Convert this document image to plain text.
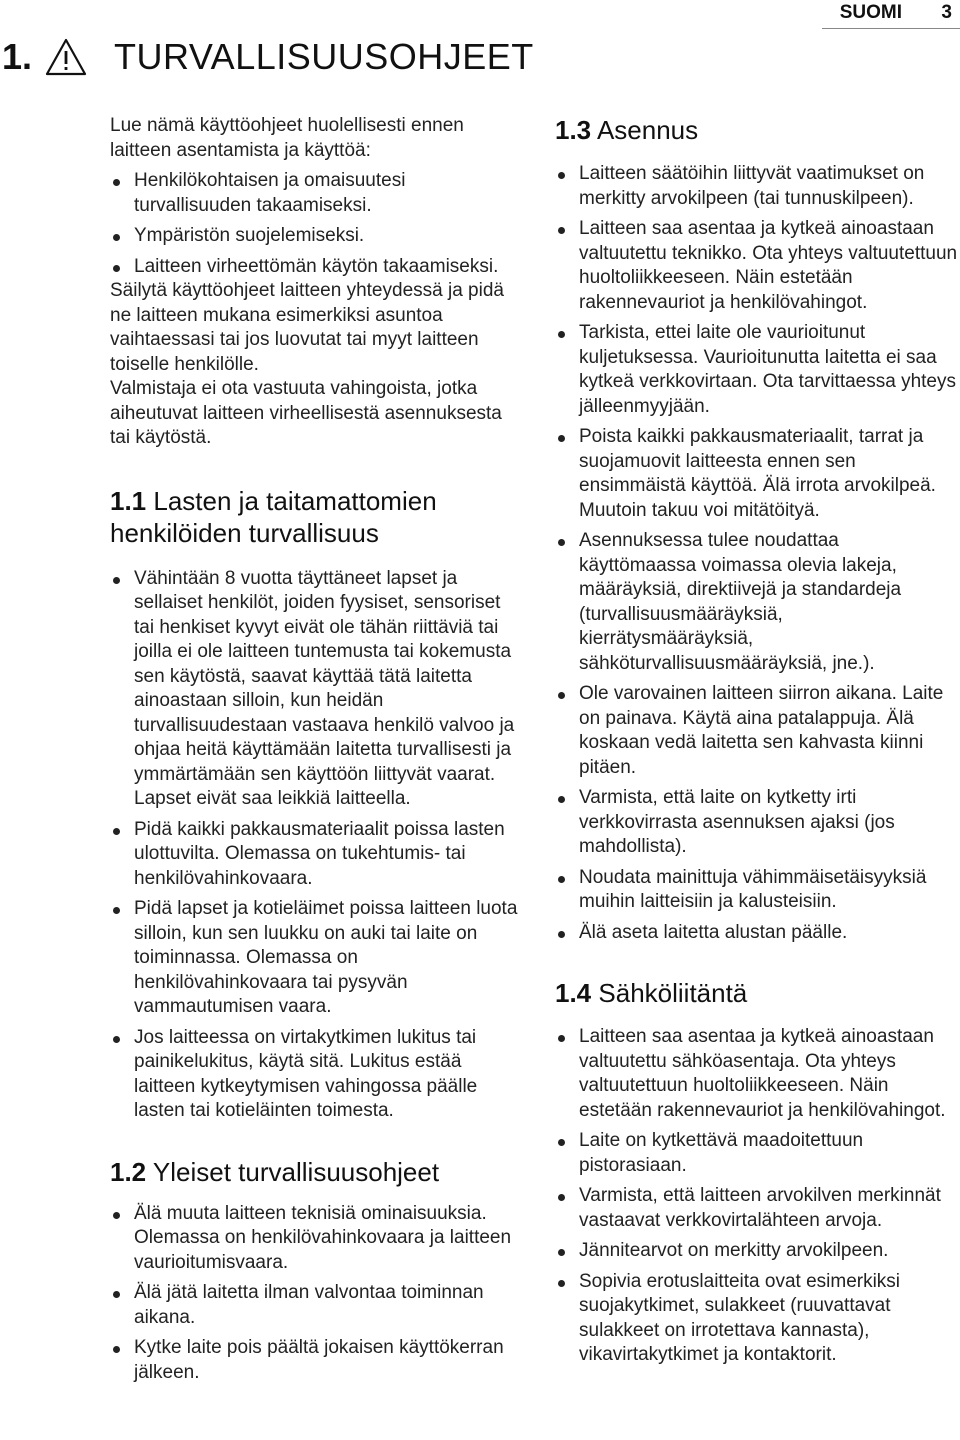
SUOMI 3
1.	TURVALLISUUSOHJEET

Lue nämä käyttöohjeet huolellisesti ennen laitteen asentamista ja käyttöä:

Henkilökohtaisen ja omaisuutesi turvallisuuden takaamiseksi.
Ympäristön suojelemiseksi.
Laitteen virheettömän käytön takaamiseksi.

Säilytä käyttöohjeet laitteen yhteydessä ja pidä ne laitteen mukana esimerkiksi asuntoa vaihtaessasi tai jos luovutat tai myyt laitteen toiselle henkilölle.

Valmistaja ei ota vastuuta vahingoista, jotka aiheutuvat laitteen virheellisestä asennuksesta tai käytöstä.

1.1 Lasten ja taitamattomien henkilöiden turvallisuus
Vähintään 8 vuotta täyttäneet lapset ja sellaiset henkilöt, joiden fyysiset, sensoriset tai henkiset kyvyt eivät ole tähän riittäviä tai joilla ei ole laitteen tuntemusta tai kokemusta sen käytöstä, saavat käyttää tätä laitetta ainoastaan silloin, kun heidän turvallisuudestaan vastaava henkilö valvoo ja ohjaa heitä käyttämään laitetta turvallisesti ja ymmärtämään sen käyttöön liittyvät vaarat. Lapset eivät saa leikkiä laitteella.
Pidä kaikki pakkausmateriaalit poissa lasten ulottuvilta. Olemassa on tukehtumis- tai henkilövahinkovaara.
Pidä lapset ja kotieläimet poissa laitteen luota silloin, kun sen luukku on auki tai laite on toiminnassa. Olemassa on henkilövahinkovaara tai pysyvän vammautumisen vaara.
Jos laitteessa on virtakytkimen lukitus tai painikelukitus, käytä sitä. Lukitus estää laitteen kytkeytymisen vahingossa päälle lasten tai kotieläinten toimesta.
1.2 Yleiset turvallisuusohjeet
Älä muuta laitteen teknisiä ominaisuuksia. Olemassa on henkilövahinkovaara ja laitteen vaurioitumisvaara.
Älä jätä laitetta ilman valvontaa toiminnan aikana.
Kytke laite pois päältä jokaisen käyttökerran jälkeen.
1.3 Asennus
Laitteen säätöihin liittyvät vaatimukset on merkitty arvokilpeen (tai tunnuskilpeen).
Laitteen saa asentaa ja kytkeä ainoastaan valtuutettu teknikko. Ota yhteys valtuutettuun huoltoliikkeeseen. Näin estetään rakennevauriot ja henkilövahingot.
Tarkista, ettei laite ole vaurioitunut kuljetuksessa. Vaurioitunutta laitetta ei saa kytkeä verkkovirtaan. Ota tarvittaessa yhteys jälleenmyyjään.
Poista kaikki pakkausmateriaalit, tarrat ja suojamuovit laitteesta ennen sen ensimmäistä käyttöä. Älä irrota arvokilpeä. Muutoin takuu voi mitätöityä.
Asennuksessa tulee noudattaa käyttömaassa voimassa olevia lakeja, määräyksiä, direktiivejä ja standardeja (turvallisuusmääräyksiä, kierrätysmääräyksiä, sähköturvallisuusmääräyksiä, jne.).
Ole varovainen laitteen siirron aikana. Laite on painava. Käytä aina patalappuja. Älä koskaan vedä laitetta sen kahvasta kiinni pitäen.
Varmista, että laite on kytketty irti verkkovirrasta asennuksen ajaksi (jos mahdollista).
Noudata mainittuja vähimmäisetäisyyksiä muihin laitteisiin ja kalusteisiin.
Älä aseta laitetta alustan päälle.
1.4 Sähköliitäntä
Laitteen saa asentaa ja kytkeä ainoastaan valtuutettu sähköasentaja. Ota yhteys valtuutettuun huoltoliikkeeseen. Näin estetään rakennevauriot ja henkilövahingot.
Laite on kytkettävä maadoitettuun pistorasiaan.
Varmista, että laitteen arvokilven merkinnät vastaavat verkkovirtalähteen arvoja.
Jännitearvot on merkitty arvokilpeen.
Sopivia erotuslaitteita ovat esimerkiksi suojakytkimet, sulakkeet (ruuvattavat sulakkeet on irrotettava kannasta), vikavirtakytkimet ja kontaktorit.
